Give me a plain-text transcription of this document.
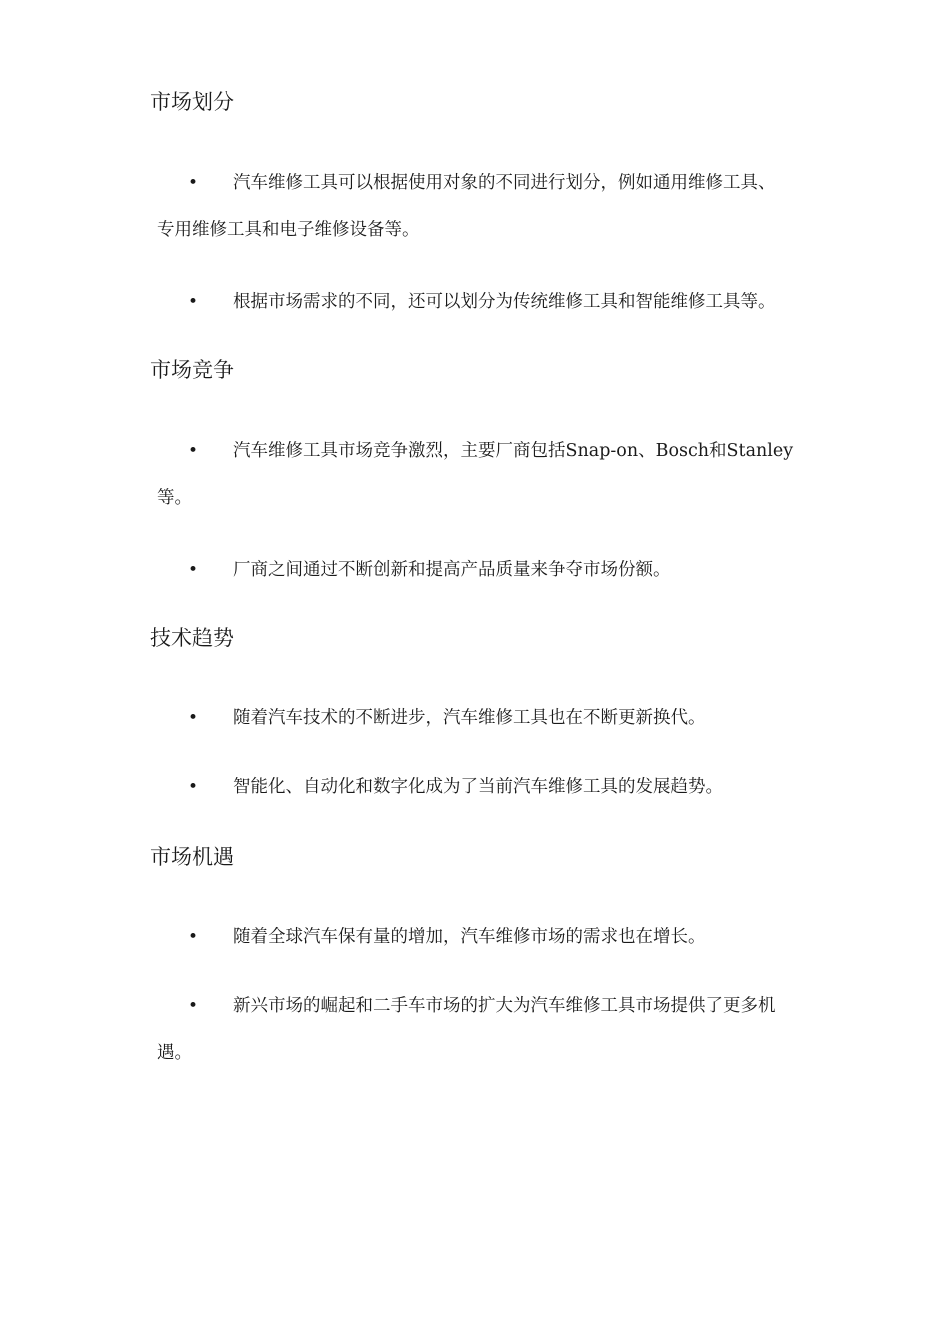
市场划分
• 汽车维修工具可以根据使用对象的不同进行划分，例如通用维修工具、
专用维修工具和电子维修设备等。
• 根据市场需求的不同，还可以划分为传统维修工具和智能维修工具等。
市场竞争
• 汽车维修工具市场竞争激烈，主要厂商包括Snap-on、Bosch和Stanley
等。
• 厂商之间通过不断创新和提高产品质量来争夺市场份额。
技术趋势
• 随着汽车技术的不断进步，汽车维修工具也在不断更新换代。
• 智能化、自动化和数字化成为了当前汽车维修工具的发展趋势。
市场机遇
• 随着全球汽车保有量的增加，汽车维修市场的需求也在增长。
• 新兴市场的崛起和二手车市场的扩大为汽车维修工具市场提供了更多机
遇。
